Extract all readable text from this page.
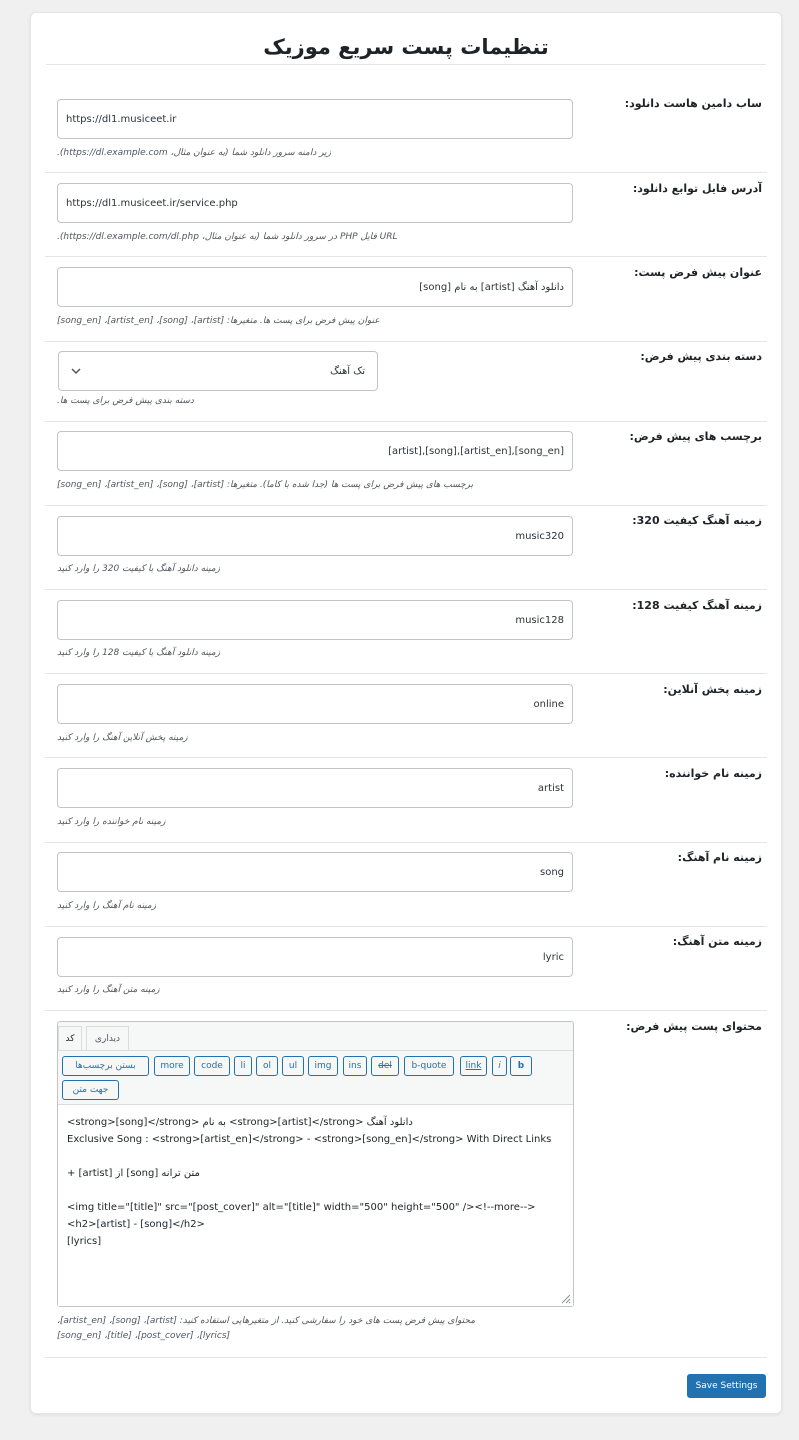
تنظیمات پست سریع موزیک
ساب دامین هاست دانلود:
https://dl1.musiceet.ir
زیر دامنه سرور دانلود شما (به عنوان مثال، https://dl.example.com).
آدرس فایل توابع دانلود:
https://dl1.musiceet.ir/service.php
URL فایل PHP در سرور دانلود شما (به عنوان مثال، https://dl.example.com/dl.php).
عنوان پیش فرض پست:
دانلود آهنگ [artist] به نام [song]
عنوان پیش فرض برای پست ها. متغیرها: [artist]، [song]، [artist_en]، [song_en]
دسته بندی پیش فرض:
تک آهنگ
دسته بندی پیش فرض برای پست ها.
برچسب های پیش فرض:
[song_en],[artist_en],[song],[artist]
برچسب های پیش فرض برای پست ها (جدا شده با کاما). متغیرها: [artist]، [song]، [artist_en]، [song_en]
زمینه آهنگ کیفیت 320:
music320
زمینه دانلود آهنگ با کیفیت 320 را وارد کنید
زمینه آهنگ کیفیت 128:
music128
زمینه دانلود آهنگ با کیفیت 128 را وارد کنید
زمینه پخش آنلاین:
online
زمینه پخش آنلاین آهنگ را وارد کنید
زمینه نام خواننده:
artist
زمینه نام خواننده را وارد کنید
زمینه نام آهنگ:
song
زمینه نام آهنگ را وارد کنید
زمینه متن آهنگ:
lyric
زمینه متن آهنگ را وارد کنید
محتوای پست پیش فرض:
کد	دیداری
b
i
link
b-quote
del
ins
img
ul
ol
li
code
more
بستن برچسب‌ها
جهت متن
دانلود آهنگ <strong>[artist]</strong> به نام <strong>[song]</strong>
Exclusive Song : <strong>[artist_en]</strong> - <strong>[song_en]</strong> With Direct Links
متن ترانه [song] از [artist] +
<img title="[title]" src="[post_cover]" alt="[title]" width="500" height="500" /><!--more-->
<h2>[artist] - [song]</h2>
[lyrics]
محتوای پیش فرض پست های خود را سفارشی کنید. از متغیرهایی استفاده کنید: [artist]، [song]، [artist_en]،
[lyrics]، [post_cover]، [title]، [song_en]
Save Settings
